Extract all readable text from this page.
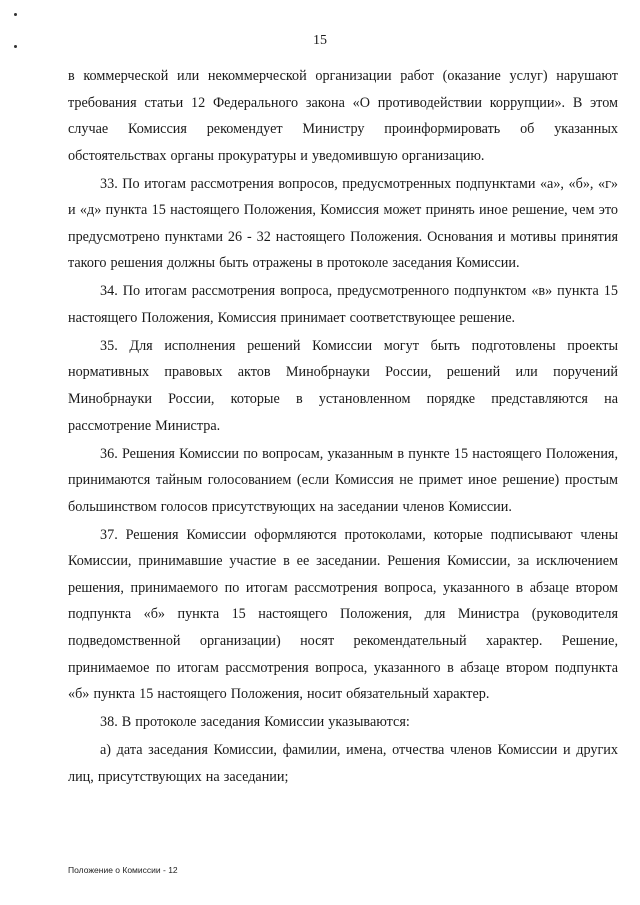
15

в коммерческой или некоммерческой организации работ (оказание услуг) нарушают требования статьи 12 Федерального закона «О противодействии коррупции». В этом случае Комиссия рекомендует Министру проинформировать об указанных обстоятельствах органы прокуратуры и уведомившую организацию.

33. По итогам рассмотрения вопросов, предусмотренных подпунктами «а», «б», «г» и «д» пункта 15 настоящего Положения, Комиссия может принять иное решение, чем это предусмотрено пунктами 26 - 32 настоящего Положения. Основания и мотивы принятия такого решения должны быть отражены в протоколе заседания Комиссии.

34. По итогам рассмотрения вопроса, предусмотренного подпунктом «в» пункта 15 настоящего Положения, Комиссия принимает соответствующее решение.

35. Для исполнения решений Комиссии могут быть подготовлены проекты нормативных правовых актов Минобрнауки России, решений или поручений Минобрнауки России, которые в установленном порядке представляются на рассмотрение Министра.

36. Решения Комиссии по вопросам, указанным в пункте 15 настоящего Положения, принимаются тайным голосованием (если Комиссия не примет иное решение) простым большинством голосов присутствующих на заседании членов Комиссии.

37. Решения Комиссии оформляются протоколами, которые подписывают члены Комиссии, принимавшие участие в ее заседании. Решения Комиссии, за исключением решения, принимаемого по итогам рассмотрения вопроса, указанного в абзаце втором подпункта «б» пункта 15 настоящего Положения, для Министра (руководителя подведомственной организации) носят рекомендательный характер. Решение, принимаемое по итогам рассмотрения вопроса, указанного в абзаце втором подпункта «б» пункта 15 настоящего Положения, носит обязательный характер.

38. В протоколе заседания Комиссии указываются:

а) дата заседания Комиссии, фамилии, имена, отчества членов Комиссии и других лиц, присутствующих на заседании;

Положение о Комиссии - 12
